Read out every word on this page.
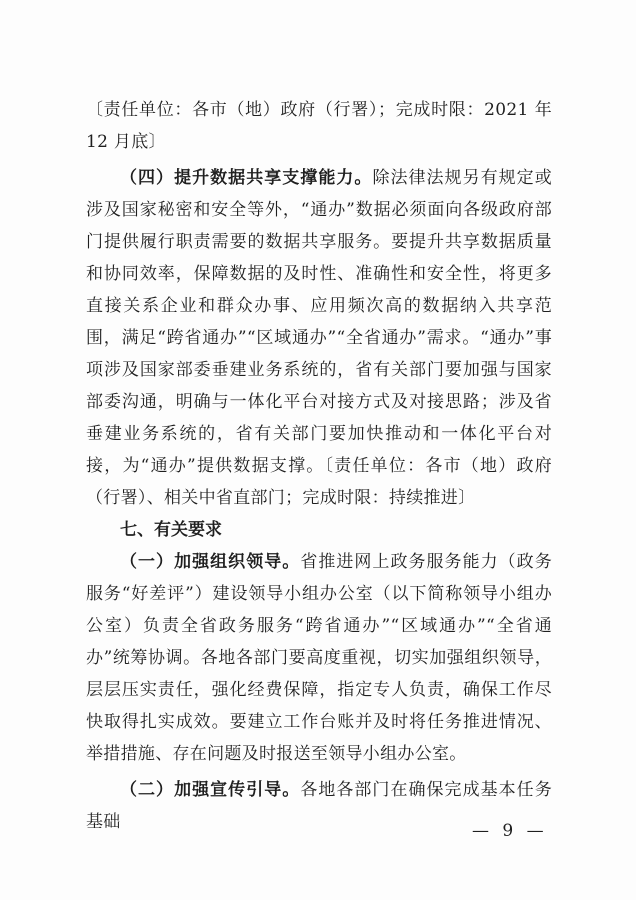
〔责任单位：各市（地）政府（行署）；完成时限：2021 年 12 月底〕

（四）提升数据共享支撑能力。除法律法规另有规定或涉及国家秘密和安全等外，“通办”数据必须面向各级政府部门提供履行职责需要的数据共享服务。要提升共享数据质量和协同效率，保障数据的及时性、准确性和安全性，将更多直接关系企业和群众办事、应用频次高的数据纳入共享范围，满足“跨省通办”“区域通办”“全省通办”需求。“通办”事项涉及国家部委垂建业务系统的，省有关部门要加强与国家部委沟通，明确与一体化平台对接方式及对接思路；涉及省垂建业务系统的，省有关部门要加快推动和一体化平台对接，为“通办”提供数据支撑。〔责任单位：各市（地）政府（行署）、相关中省直部门；完成时限：持续推进〕

七、有关要求

（一）加强组织领导。省推进网上政务服务能力（政务服务“好差评”）建设领导小组办公室（以下简称领导小组办公室）负责全省政务服务“跨省通办”“区域通办”“全省通办”统筹协调。各地各部门要高度重视，切实加强组织领导，层层压实责任，强化经费保障，指定专人负责，确保工作尽快取得扎实成效。要建立工作台账并及时将任务推进情况、举措措施、存在问题及时报送至领导小组办公室。

（二）加强宣传引导。各地各部门在确保完成基本任务基础	— 9 —
